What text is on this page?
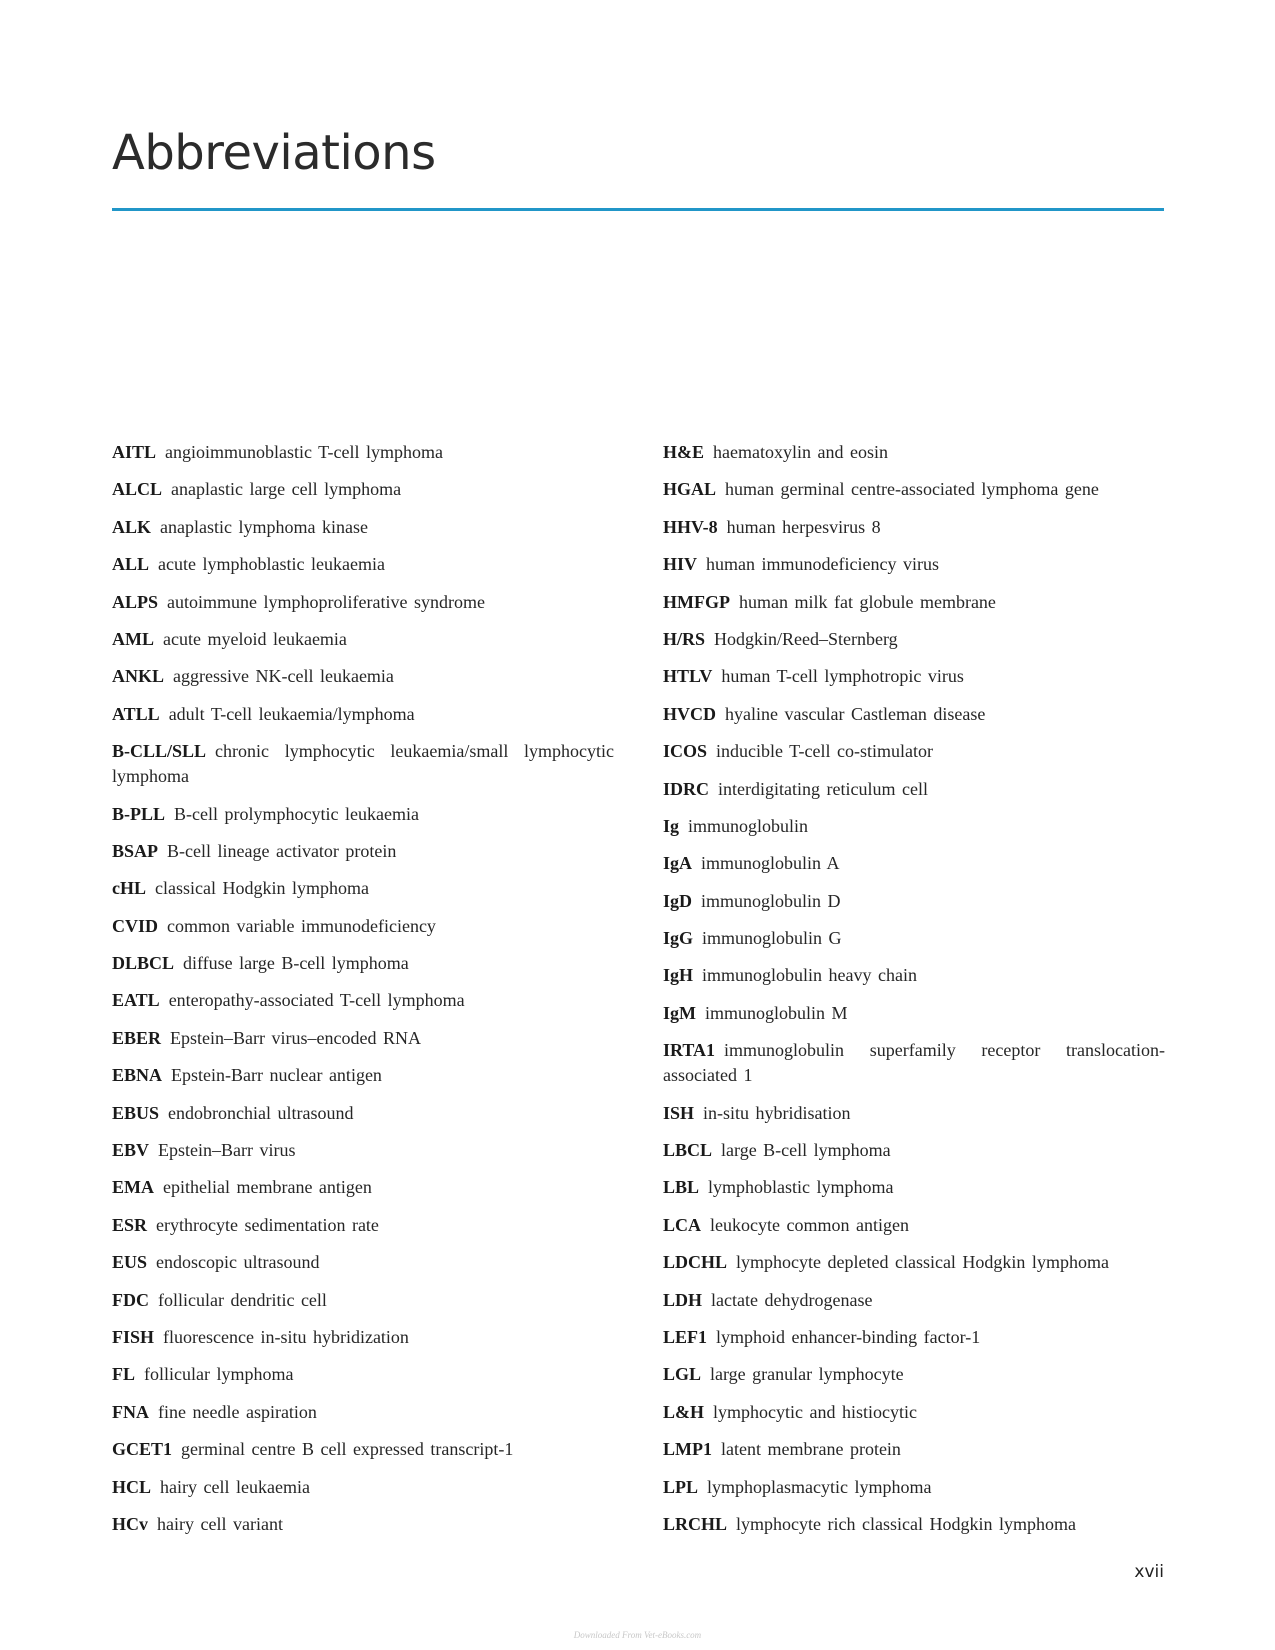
Abbreviations

AITL angioimmunoblastic T-cell lymphoma

ALCL anaplastic large cell lymphoma

ALK anaplastic lymphoma kinase

ALL acute lymphoblastic leukaemia

ALPS autoimmune lymphoproliferative syndrome

AML acute myeloid leukaemia

ANKL aggressive NK-cell leukaemia

ATLL adult T-cell leukaemia/lymphoma

B-CLL/SLL chronic lymphocytic leukaemia/small lymphocytic lymphoma

B-PLL B-cell prolymphocytic leukaemia

BSAP B-cell lineage activator protein

cHL classical Hodgkin lymphoma

CVID common variable immunodeficiency

DLBCL diffuse large B-cell lymphoma

EATL enteropathy-associated T-cell lymphoma

EBER Epstein–Barr virus–encoded RNA

EBNA Epstein-Barr nuclear antigen

EBUS endobronchial ultrasound

EBV Epstein–Barr virus

EMA epithelial membrane antigen

ESR erythrocyte sedimentation rate

EUS endoscopic ultrasound

FDC follicular dendritic cell

FISH fluorescence in-situ hybridization

FL follicular lymphoma

FNA fine needle aspiration

GCET1 germinal centre B cell expressed transcript-1

HCL hairy cell leukaemia

HCv hairy cell variant

H&E haematoxylin and eosin

HGAL human germinal centre-associated lymphoma gene

HHV-8 human herpesvirus 8

HIV human immunodeficiency virus

HMFGP human milk fat globule membrane

H/RS Hodgkin/Reed–Sternberg

HTLV human T-cell lymphotropic virus

HVCD hyaline vascular Castleman disease

ICOS inducible T-cell co-stimulator

IDRC interdigitating reticulum cell

Ig immunoglobulin

IgA immunoglobulin A

IgD immunoglobulin D

IgG immunoglobulin G

IgH immunoglobulin heavy chain

IgM immunoglobulin M

IRTA1 immunoglobulin superfamily receptor translocation-associated 1

ISH in-situ hybridisation

LBCL large B-cell lymphoma

LBL lymphoblastic lymphoma

LCA leukocyte common antigen

LDCHL lymphocyte depleted classical Hodgkin lymphoma

LDH lactate dehydrogenase

LEF1 lymphoid enhancer-binding factor-1

LGL large granular lymphocyte

L&H lymphocytic and histiocytic

LMP1 latent membrane protein

LPL lymphoplasmacytic lymphoma

LRCHL lymphocyte rich classical Hodgkin lymphoma

xvii
Downloaded From Vet-eBooks.com
